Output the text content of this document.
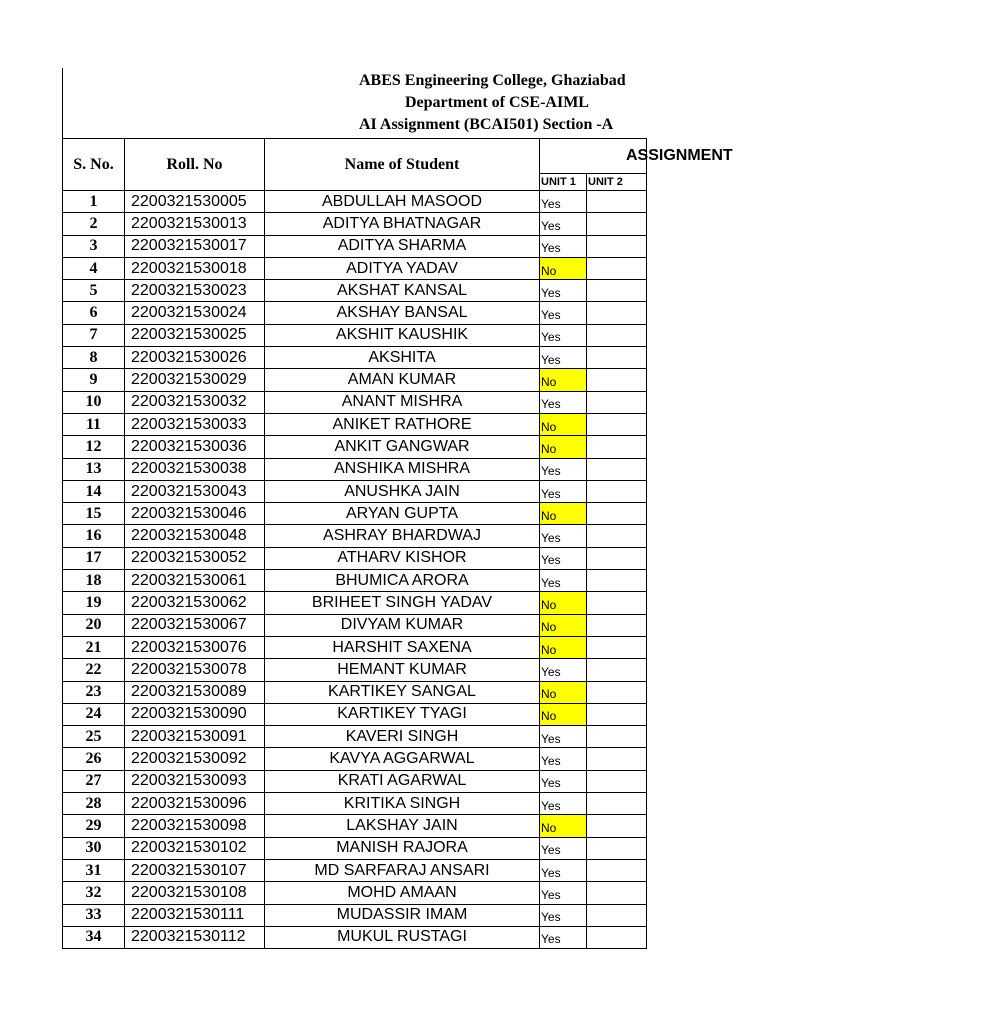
ABES Engineering College, Ghaziabad
Department of CSE-AIML
AI Assignment (BCAI501) Section -A
S. No.	Roll. No	Name of Student	ASSIGNMENT	
			UNIT 1	UNIT 2
1	2200321530005	ABDULLAH MASOOD	Yes	
2	2200321530013	ADITYA BHATNAGAR	Yes	
3	2200321530017	ADITYA SHARMA	Yes	
4	2200321530018	ADITYA YADAV	No	
5	2200321530023	AKSHAT KANSAL	Yes	
6	2200321530024	AKSHAY BANSAL	Yes	
7	2200321530025	AKSHIT KAUSHIK	Yes	
8	2200321530026	AKSHITA	Yes	
9	2200321530029	AMAN KUMAR	No	
10	2200321530032	ANANT MISHRA	Yes	
11	2200321530033	ANIKET RATHORE	No	
12	2200321530036	ANKIT GANGWAR	No	
13	2200321530038	ANSHIKA MISHRA	Yes	
14	2200321530043	ANUSHKA JAIN	Yes	
15	2200321530046	ARYAN GUPTA	No	
16	2200321530048	ASHRAY BHARDWAJ	Yes	
17	2200321530052	ATHARV KISHOR	Yes	
18	2200321530061	BHUMICA ARORA	Yes	
19	2200321530062	BRIHEET SINGH YADAV	No	
20	2200321530067	DIVYAM KUMAR	No	
21	2200321530076	HARSHIT SAXENA	No	
22	2200321530078	HEMANT KUMAR	Yes	
23	2200321530089	KARTIKEY SANGAL	No	
24	2200321530090	KARTIKEY TYAGI	No	
25	2200321530091	KAVERI SINGH	Yes	
26	2200321530092	KAVYA AGGARWAL	Yes	
27	2200321530093	KRATI AGARWAL	Yes	
28	2200321530096	KRITIKA SINGH	Yes	
29	2200321530098	LAKSHAY JAIN	No	
30	2200321530102	MANISH RAJORA	Yes	
31	2200321530107	MD SARFARAJ ANSARI	Yes	
32	2200321530108	MOHD AMAAN	Yes	
33	2200321530111	MUDASSIR IMAM	Yes	
34	2200321530112	MUKUL RUSTAGI	Yes	
